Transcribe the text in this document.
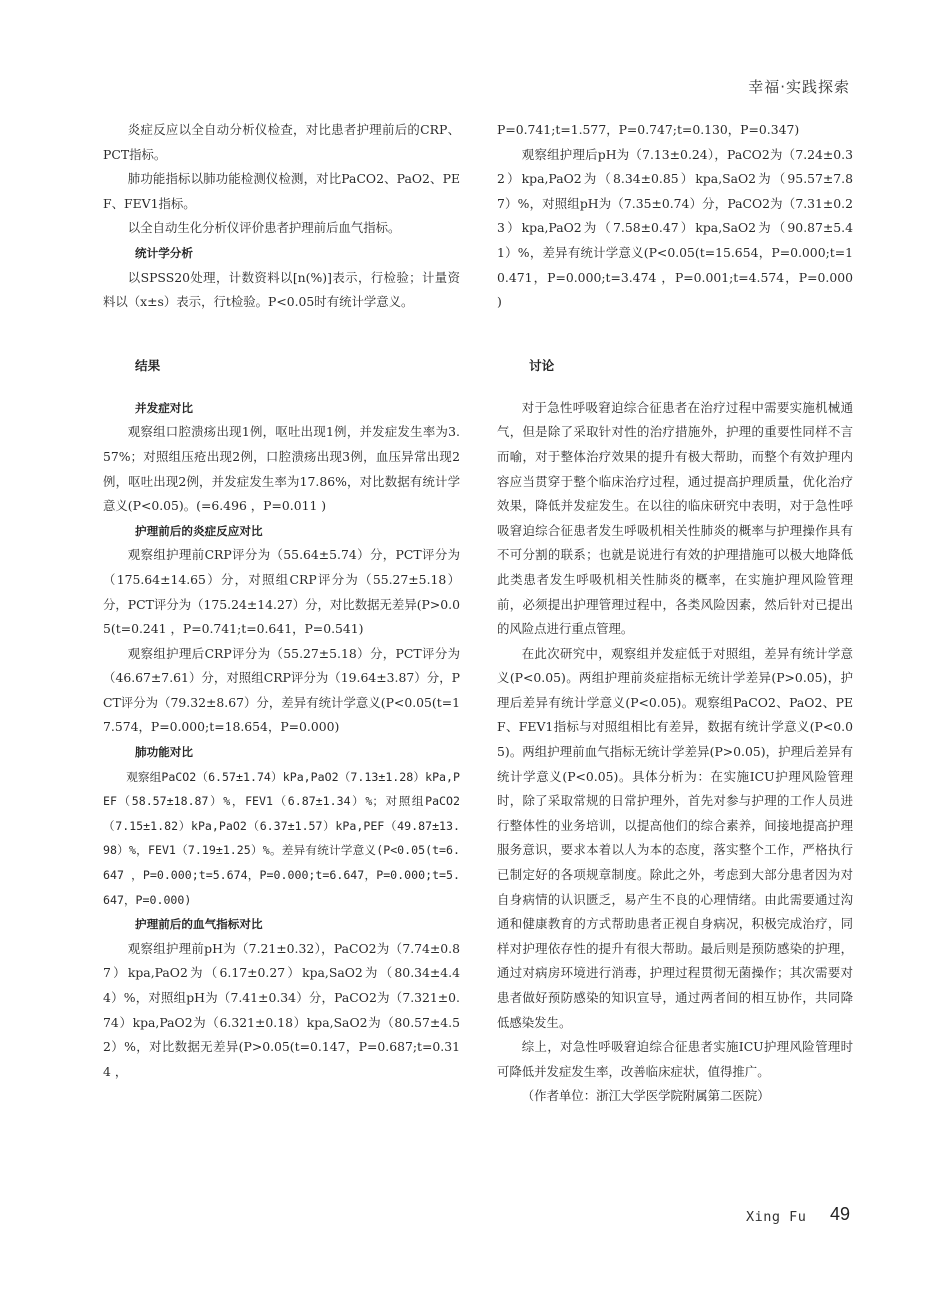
幸福·实践探索

炎症反应以全自动分析仪检查，对比患者护理前后的CRP、PCT指标。

肺功能指标以肺功能检测仪检测，对比PaCO2、PaO2、PEF、FEV1指标。

以全自动生化分析仪评价患者护理前后血气指标。

统计学分析

以SPSS20处理，计数资料以[n(%)]表示，行检验；计量资料以（x±s）表示，行t检验。P<0.05时有统计学意义。

结果
并发症对比

观察组口腔溃疡出现1例，呕吐出现1例，并发症发生率为3.57%；对照组压疮出现2例，口腔溃疡出现3例，血压异常出现2例，呕吐出现2例，并发症发生率为17.86%，对比数据有统计学意义(P<0.05)。(=6.496 ，P=0.011 )

护理前后的炎症反应对比

观察组护理前CRP评分为（55.64±5.74）分，PCT评分为（175.64±14.65）分，对照组CRP评分为（55.27±5.18）分，PCT评分为（175.24±14.27）分，对比数据无差异(P>0.05(t=0.241 ，P=0.741;t=0.641，P=0.541)

观察组护理后CRP评分为（55.27±5.18）分，PCT评分为（46.67±7.61）分，对照组CRP评分为（19.64±3.87）分，PCT评分为（79.32±8.67）分，差异有统计学意义(P<0.05(t=17.574，P=0.000;t=18.654，P=0.000)

肺功能对比

观察组PaCO2（6.57±1.74）kPa,PaO2（7.13±1.28）kPa,PEF（58.57±18.87）%，FEV1（6.87±1.34）%；对照组PaCO2（7.15±1.82）kPa,PaO2（6.37±1.57）kPa,PEF（49.87±13.98）%，FEV1（7.19±1.25）%。差异有统计学意义(P<0.05(t=6.647 ，P=0.000;t=5.674，P=0.000;t=6.647，P=0.000;t=5.647，P=0.000)

护理前后的血气指标对比

观察组护理前pH为（7.21±0.32），PaCO2为（7.74±0.87）kpa,PaO2为（6.17±0.27）kpa,SaO2为（80.34±4.44）%，对照组pH为（7.41±0.34）分，PaCO2为（7.321±0.74）kpa,PaO2为（6.321±0.18）kpa,SaO2为（80.57±4.52）%，对比数据无差异(P>0.05(t=0.147，P=0.687;t=0.314 ，

P=0.741;t=1.577，P=0.747;t=0.130，P=0.347)

观察组护理后pH为（7.13±0.24），PaCO2为（7.24±0.32）kpa,PaO2为（8.34±0.85）kpa,SaO2为（95.57±7.87）%，对照组pH为（7.35±0.74）分，PaCO2为（7.31±0.23）kpa,PaO2为（7.58±0.47）kpa,SaO2为（90.87±5.41）%，差异有统计学意义(P<0.05(t=15.654，P=0.000;t=10.471，P=0.000;t=3.474 ，P=0.001;t=4.574，P=0.000 )

讨论

对于急性呼吸窘迫综合征患者在治疗过程中需要实施机械通气，但是除了采取针对性的治疗措施外，护理的重要性同样不言而喻，对于整体治疗效果的提升有极大帮助，而整个有效护理内容应当贯穿于整个临床治疗过程，通过提高护理质量，优化治疗效果，降低并发症发生。在以往的临床研究中表明，对于急性呼吸窘迫综合征患者发生呼吸机相关性肺炎的概率与护理操作具有不可分割的联系；也就是说进行有效的护理措施可以极大地降低此类患者发生呼吸机相关性肺炎的概率，在实施护理风险管理前，必须提出护理管理过程中，各类风险因素，然后针对已提出的风险点进行重点管理。

在此次研究中，观察组并发症低于对照组，差异有统计学意义(P<0.05)。两组护理前炎症指标无统计学差异(P>0.05)，护理后差异有统计学意义(P<0.05)。观察组PaCO2、PaO2、PEF、FEV1指标与对照组相比有差异，数据有统计学意义(P<0.05)。两组护理前血气指标无统计学差异(P>0.05)，护理后差异有统计学意义(P<0.05)。具体分析为：在实施ICU护理风险管理时，除了采取常规的日常护理外，首先对参与护理的工作人员进行整体性的业务培训，以提高他们的综合素养，间接地提高护理服务意识，要求本着以人为本的态度，落实整个工作，严格执行已制定好的各项规章制度。除此之外，考虑到大部分患者因为对自身病情的认识匮乏，易产生不良的心理情绪。由此需要通过沟通和健康教育的方式帮助患者正视自身病况，积极完成治疗，同样对护理依存性的提升有很大帮助。最后则是预防感染的护理，通过对病房环境进行消毒，护理过程贯彻无菌操作；其次需要对患者做好预防感染的知识宣导，通过两者间的相互协作，共同降低感染发生。

综上，对急性呼吸窘迫综合征患者实施ICU护理风险管理时可降低并发症发生率，改善临床症状，值得推广。

（作者单位：浙江大学医学院附属第二医院）

Xing Fu 49
